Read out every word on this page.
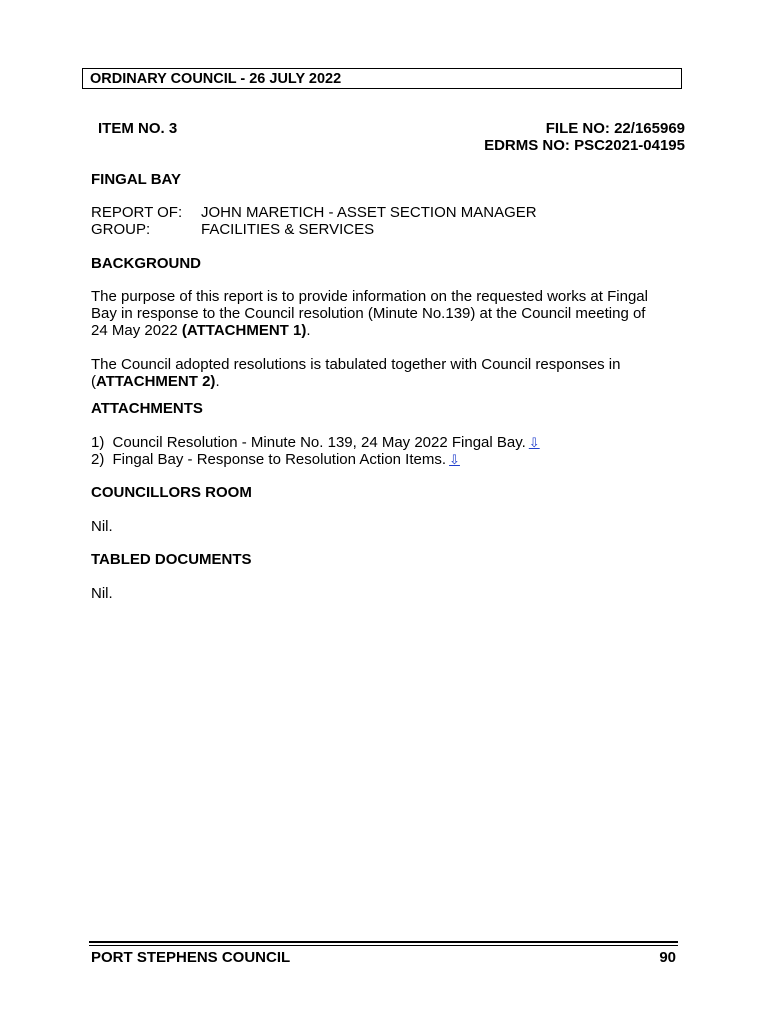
ORDINARY COUNCIL - 26 JULY 2022
ITEM NO. 3	FILE NO: 22/165969
EDRMS NO: PSC2021-04195
FINGAL BAY
REPORT OF: JOHN MARETICH - ASSET SECTION MANAGER
GROUP:	FACILITIES & SERVICES
BACKGROUND
The purpose of this report is to provide information on the requested works at Fingal
Bay in response to the Council resolution (Minute No.139) at the Council meeting of
24 May 2022 (ATTACHMENT 1).
The Council adopted resolutions is tabulated together with Council responses in
(ATTACHMENT 2).
ATTACHMENTS
1) Council Resolution - Minute No. 139, 24 May 2022 Fingal Bay. ⇩
2) Fingal Bay - Response to Resolution Action Items. ⇩
COUNCILLORS ROOM
Nil.
TABLED DOCUMENTS
Nil.
PORT STEPHENS COUNCIL	90
